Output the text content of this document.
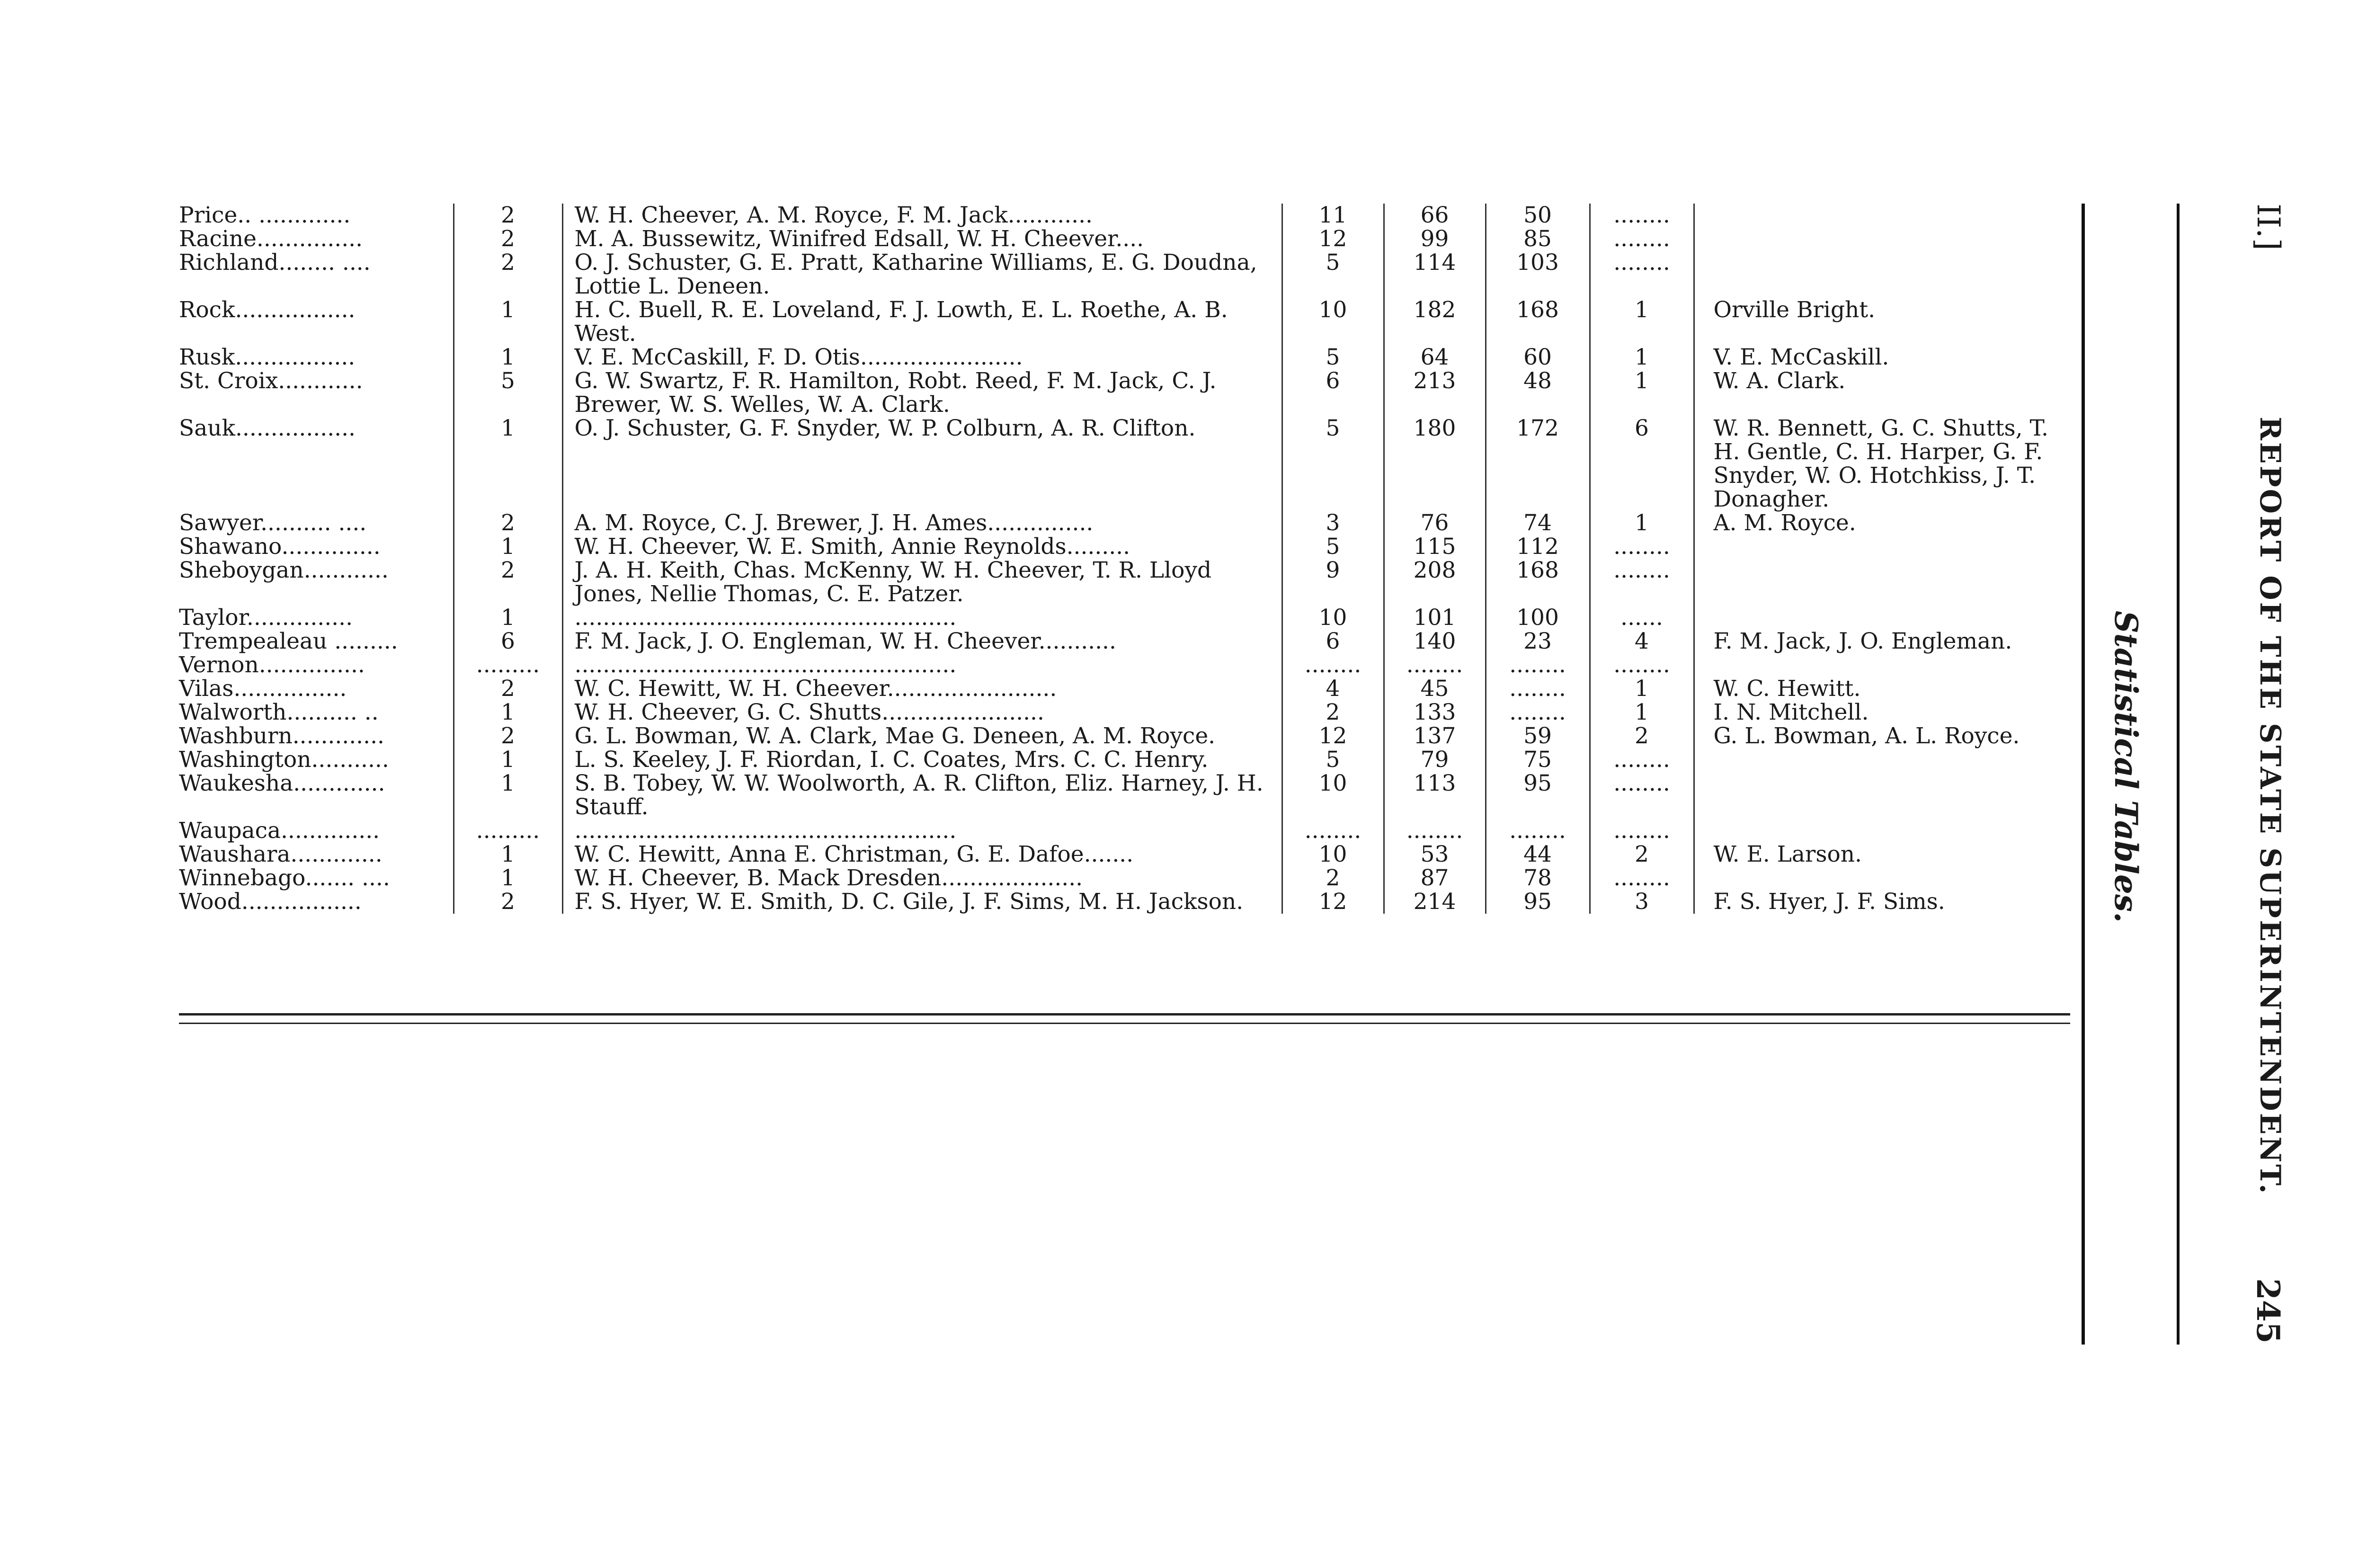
Price.. .............	2	W. H. Cheever, A. M. Royce, F. M. Jack............	11	66	50	........	
Racine...............	2	M. A. Bussewitz, Winifred Edsall, W. H. Cheever....	12	99	85	........	
Richland........ ....	2	O. J. Schuster, G. E. Pratt, Katharine Williams, E. G. Doudna, Lottie L. Deneen.	5	114	103	........	
Rock.................	1	H. C. Buell, R. E. Loveland, F. J. Lowth, E. L. Roethe, A. B. West.	10	182	168	1	Orville Bright.
Rusk.................	1	V. E. McCaskill, F. D. Otis.......................	5	64	60	1	V. E. McCaskill.
St. Croix............	5	G. W. Swartz, F. R. Hamilton, Robt. Reed, F. M. Jack, C. J. Brewer, W. S. Welles, W. A. Clark.	6	213	48	1	W. A. Clark.
Sauk.................	1	O. J. Schuster, G. F. Snyder, W. P. Colburn, A. R. Clifton.	5	180	172	6	W. R. Bennett, G. C. Shutts, T. H. Gentle, C. H. Harper, G. F. Snyder, W. O. Hotchkiss, J. T. Donagher.
Sawyer.......... ....	2	A. M. Royce, C. J. Brewer, J. H. Ames...............	3	76	74	1	A. M. Royce.
Shawano..............	1	W. H. Cheever, W. E. Smith, Annie Reynolds.........	5	115	112	........	
Sheboygan............	2	J. A. H. Keith, Chas. McKenny, W. H. Cheever, T. R. Lloyd Jones, Nellie Thomas, C. E. Patzer.	9	208	168	........	
Taylor...............	1	......................................................	10	101	100	......	
Trempealeau .........	6	F. M. Jack, J. O. Engleman, W. H. Cheever...........	6	140	23	4	F. M. Jack, J. O. Engleman.
Vernon...............	.........	......................................................	........	........	........	........	
Vilas................	2	W. C. Hewitt, W. H. Cheever........................	4	45	........	1	W. C. Hewitt.
Walworth.......... ..	1	W. H. Cheever, G. C. Shutts.......................	2	133	........	1	I. N. Mitchell.
Washburn.............	2	G. L. Bowman, W. A. Clark, Mae G. Deneen, A. M. Royce.	12	137	59	2	G. L. Bowman, A. L. Royce.
Washington...........	1	L. S. Keeley, J. F. Riordan, I. C. Coates, Mrs. C. C. Henry.	5	79	75	........	
Waukesha.............	1	S. B. Tobey, W. W. Woolworth, A. R. Clifton, Eliz. Harney, J. H. Stauff.	10	113	95	........	
Waupaca..............	.........	......................................................	........	........	........	........	
Waushara.............	1	W. C. Hewitt, Anna E. Christman, G. E. Dafoe.......	10	53	44	2	W. E. Larson.
Winnebago....... ....	1	W. H. Cheever, B. Mack Dresden....................	2	87	78	........	
Wood.................	2	F. S. Hyer, W. E. Smith, D. C. Gile, J. F. Sims, M. H. Jackson.	12	214	95	3	F. S. Hyer, J. F. Sims.	Statistical Tables.	REPORT OF THE STATE SUPERINTENDENT.
II.]
245
